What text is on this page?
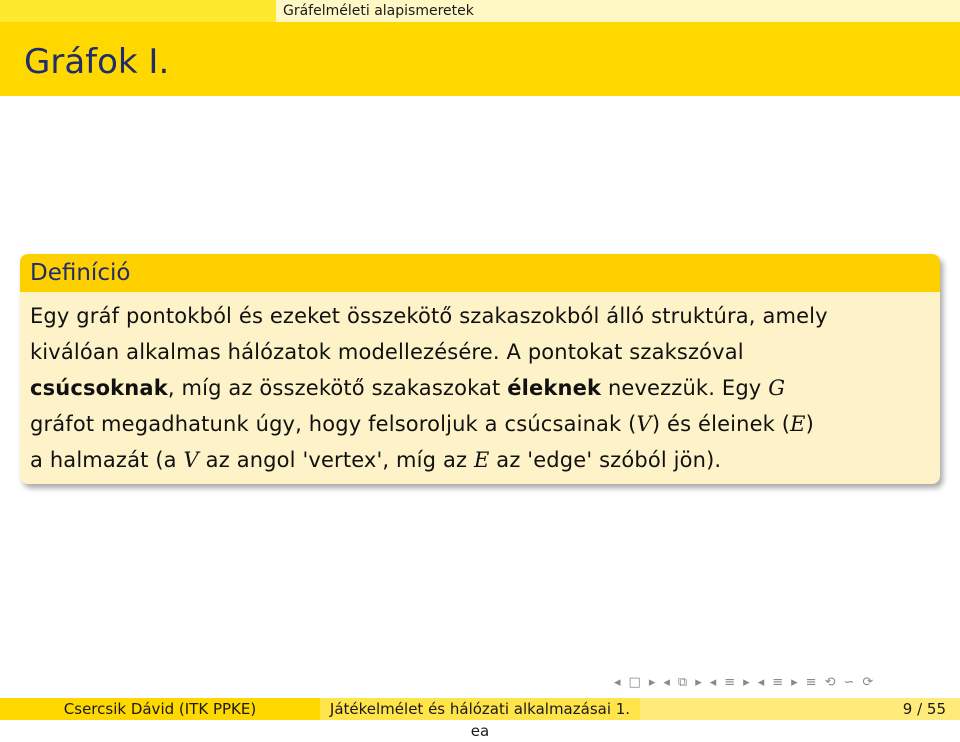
Gráfelméleti alapismeretek
Gráfok I.
Definíció
Egy gráf pontokból és ezeket összekötő szakaszokból álló struktúra, amely
kiválóan alkalmas hálózatok modellezésére. A pontokat szakszóval
csúcsoknak, míg az összekötő szakaszokat éleknek nevezzük. Egy G
gráfot megadhatunk úgy, hogy felsoroljuk a csúcsainak (V) és éleinek (E)
a halmazát (a V az angol 'vertex', míg az E az 'edge' szóból jön).
◂ □ ▸ ◂ ⧉ ▸ ◂ ≡ ▸ ◂ ≡ ▸ ≡ ⟲ ∽ ⟳
Csercsik Dávid (ITK PPKE)	Játékelmélet és hálózati alkalmazásai 1. ea
9 / 55
